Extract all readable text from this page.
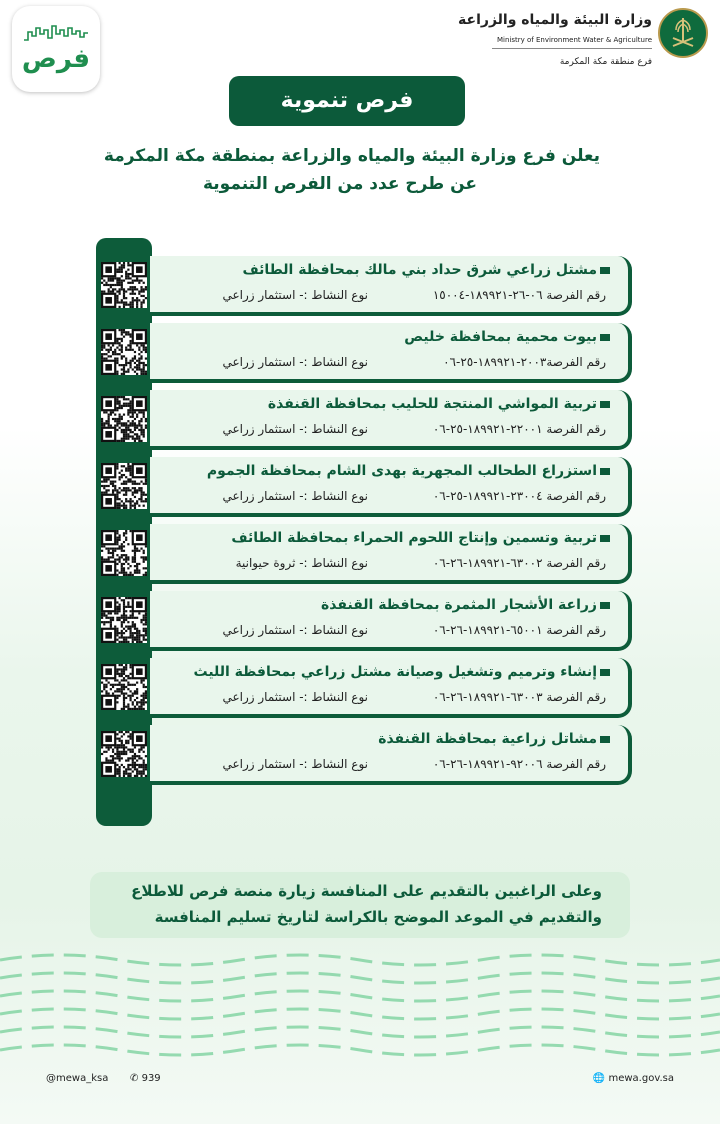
فرص
وزارة البيئة والمياه والزراعة
Ministry of Environment Water & Agriculture
فرع منطقة مكة المكرمة
فرص تنموية
يعلن فرع وزارة البيئة والمياه والزراعة بمنطقة مكة المكرمة
عن طرح عدد من الفرص التنموية
مشتل زراعي شرق حداد بني مالك بمحافظة الطائف
رقم الفرصة ٠٦-٢٦-١٨٩٩٢١-١٥٠٠٤
نوع النشاط :- استثمار زراعي
بيوت محمية بمحافظة خليص
رقم الفرصة٢٠٠٣-١٨٩٩٢١-٢٥-٠٦
نوع النشاط :- استثمار زراعي
تربية المواشي المنتجة للحليب بمحافظة القنفذة
رقم الفرصة ٢٢٠٠١-١٨٩٩٢١-٢٥-٠٦
نوع النشاط :- استثمار زراعي
استزراع الطحالب المجهرية بهدى الشام بمحافظة الجموم
رقم الفرصة ٢٣٠٠٤-١٨٩٩٢١-٢٥-٠٦
نوع النشاط :- استثمار زراعي
تربية وتسمين وإنتاج اللحوم الحمراء بمحافظة الطائف
رقم الفرصة ٦٣٠٠٢-١٨٩٩٢١-٢٦-٠٦
نوع النشاط :- ثروة حيوانية
زراعة الأشجار المثمرة بمحافظة القنفذة
رقم الفرصة ٦٥٠٠١-١٨٩٩٢١-٢٦-٠٦
نوع النشاط :- استثمار زراعي
إنشاء وترميم وتشغيل وصيانة مشتل زراعي بمحافظة الليث
رقم الفرصة ٦٣٠٠٣-١٨٩٩٢١-٢٦-٠٦
نوع النشاط :- استثمار زراعي
مشاتل زراعية بمحافظة القنفذة
رقم الفرصة ٩٢٠٠٦-١٨٩٩٢١-٢٦-٠٦
نوع النشاط :- استثمار زراعي
وعلى الراغبين بالتقديم على المنافسة زيارة منصة فرص للاطلاع
والتقديم في الموعد الموضح بالكراسة لتاريخ تسليم المنافسة
🌐 mewa.gov.sa
✆ 939
@mewa_ksa
